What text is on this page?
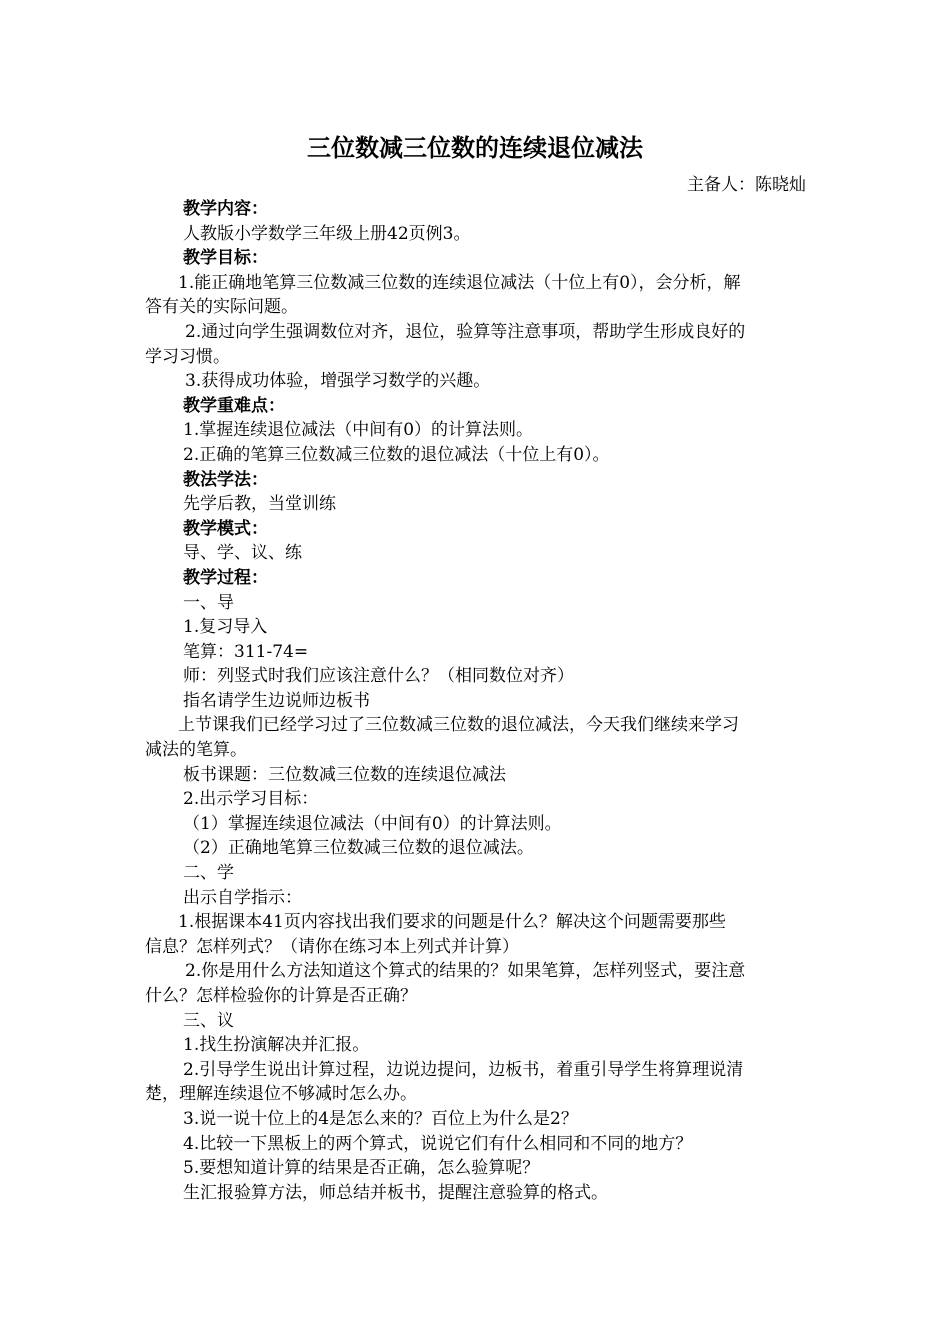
三位数减三位数的连续退位减法
主备人：陈晓灿
教学内容：
人教版小学数学三年级上册42页例3。
教学目标：
1.能正确地笔算三位数减三位数的连续退位减法（十位上有0），会分析，解
答有关的实际问题。
2.通过向学生强调数位对齐，退位，验算等注意事项，帮助学生形成良好的
学习习惯。
3.获得成功体验，增强学习数学的兴趣。
教学重难点：
1.掌握连续退位减法（中间有0）的计算法则。
2.正确的笔算三位数减三位数的退位减法（十位上有0）。
教法学法：
先学后教，当堂训练
教学模式：
导、学、议、练
教学过程：
一、导
1.复习导入
笔算：311-74=
师：列竖式时我们应该注意什么？（相同数位对齐）
指名请学生边说师边板书
上节课我们已经学习过了三位数减三位数的退位减法，今天我们继续来学习
减法的笔算。
板书课题：三位数减三位数的连续退位减法
2.出示学习目标：
（1）掌握连续退位减法（中间有0）的计算法则。
（2）正确地笔算三位数减三位数的退位减法。
二、学
出示自学指示：
1.根据课本41页内容找出我们要求的问题是什么？解决这个问题需要那些
信息？怎样列式？（请你在练习本上列式并计算）
2.你是用什么方法知道这个算式的结果的？如果笔算，怎样列竖式，要注意
什么？怎样检验你的计算是否正确？
三、议
1.找生扮演解决并汇报。
2.引导学生说出计算过程，边说边提问，边板书，着重引导学生将算理说清
楚，理解连续退位不够减时怎么办。
3.说一说十位上的4是怎么来的？百位上为什么是2？
4.比较一下黑板上的两个算式，说说它们有什么相同和不同的地方？
5.要想知道计算的结果是否正确，怎么验算呢？
生汇报验算方法，师总结并板书，提醒注意验算的格式。
